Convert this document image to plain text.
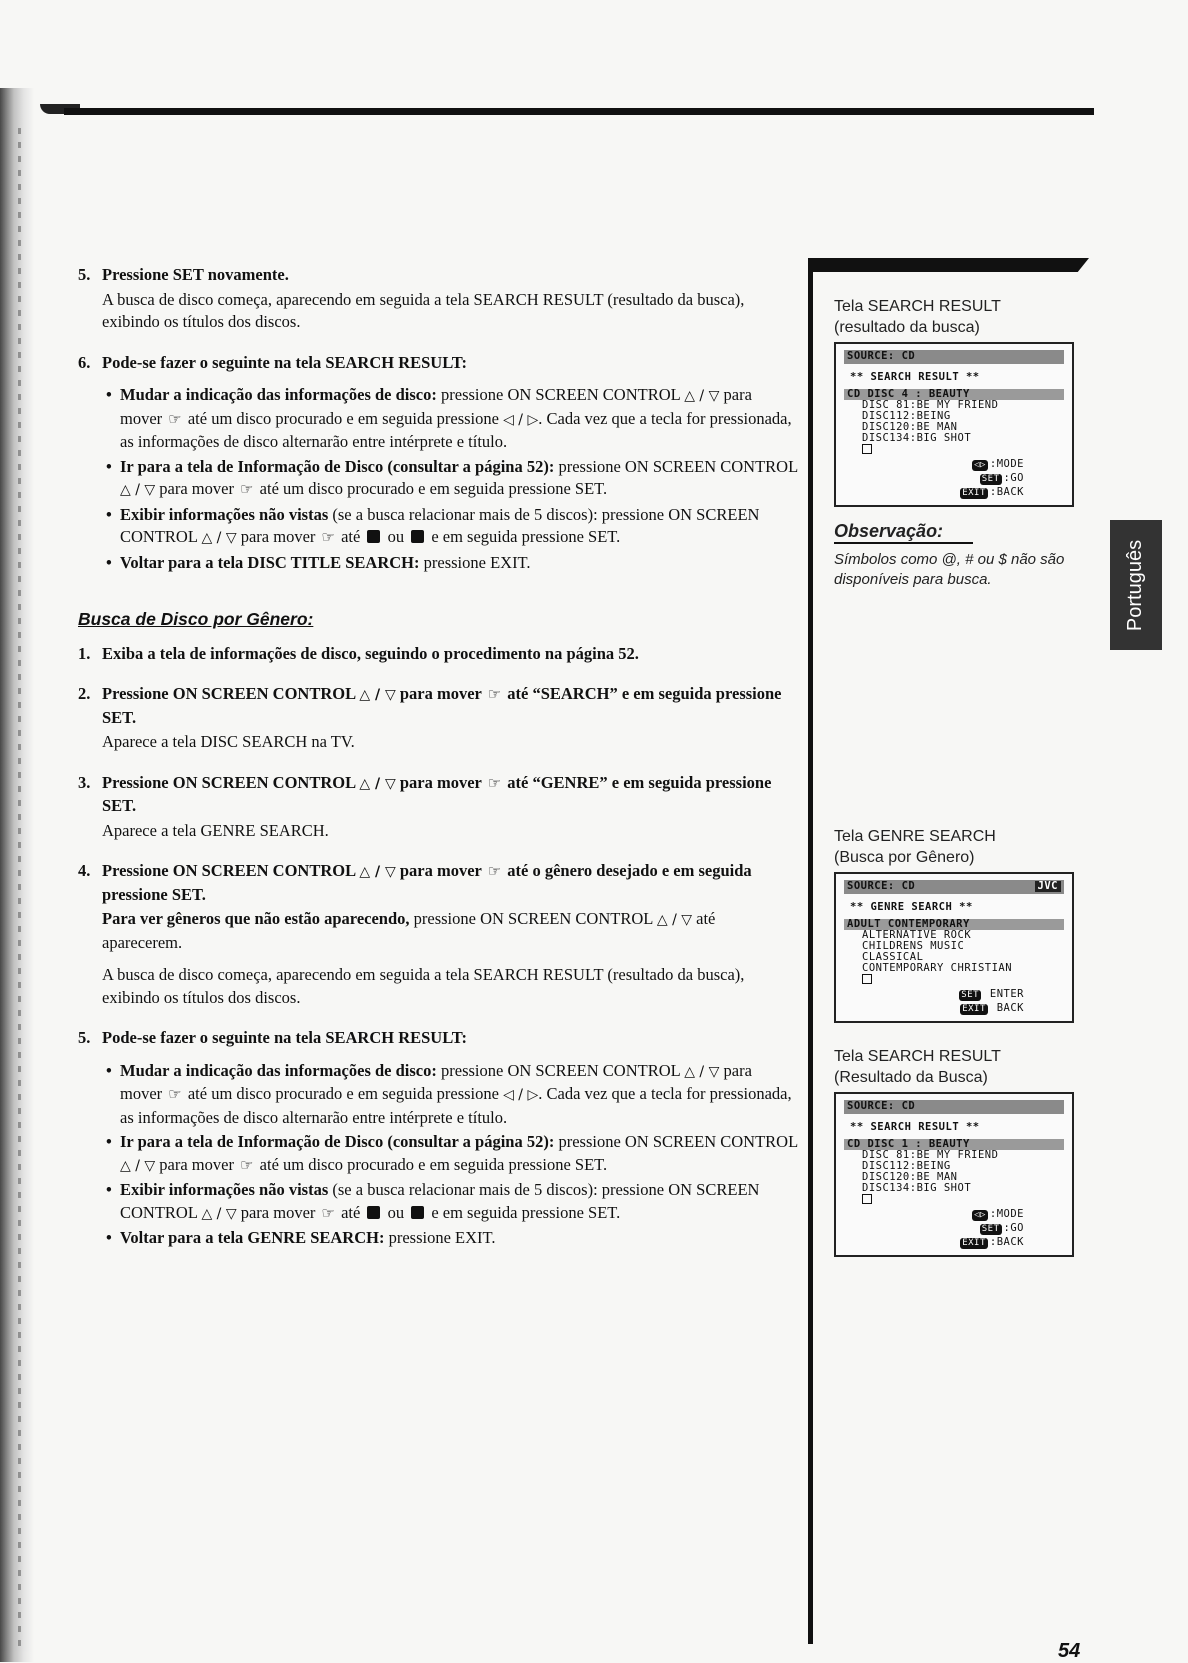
5. Pressione SET novamente.

A busca de disco começa, aparecendo em seguida a tela SEARCH RESULT (resultado da busca), exibindo os títulos dos discos.

6. Pode-se fazer o seguinte na tela SEARCH RESULT:
• Mudar a indicação das informações de disco: pressione ON SCREEN CONTROL △ / ▽ para mover ☞ até um disco procurado e em seguida pressione ◁ / ▷. Cada vez que a tecla for pressionada, as informações de disco alternarão entre intérprete e título.
• Ir para a tela de Informação de Disco (consultar a página 52): pressione ON SCREEN CONTROL △ / ▽ para mover ☞ até um disco procurado e em seguida pressione SET.
• Exibir informações não vistas (se a busca relacionar mais de 5 discos): pressione ON SCREEN CONTROL △ / ▽ para mover ☞ até  ou  e em seguida pressione SET.
• Voltar para a tela DISC TITLE SEARCH: pressione EXIT.
Busca de Disco por Gênero:
1. Exiba a tela de informações de disco, seguindo o procedimento na página 52.
2. Pressione ON SCREEN CONTROL △ / ▽ para mover ☞ até “SEARCH” e em seguida pressione SET.

Aparece a tela DISC SEARCH na TV.

3. Pressione ON SCREEN CONTROL △ / ▽ para mover ☞ até “GENRE” e em seguida pressione SET.

Aparece a tela GENRE SEARCH.

4. Pressione ON SCREEN CONTROL △ / ▽ para mover ☞ até o gênero desejado e em seguida pressione SET.

Para ver gêneros que não estão aparecendo, pressione ON SCREEN CONTROL △ / ▽ até aparecerem.

A busca de disco começa, aparecendo em seguida a tela SEARCH RESULT (resultado da busca), exibindo os títulos dos discos.

5. Pode-se fazer o seguinte na tela SEARCH RESULT:
• Mudar a indicação das informações de disco: pressione ON SCREEN CONTROL △ / ▽ para mover ☞ até um disco procurado e em seguida pressione ◁ / ▷. Cada vez que a tecla for pressionada, as informações de disco alternarão entre intérprete e título.
• Ir para a tela de Informação de Disco (consultar a página 52): pressione ON SCREEN CONTROL △ / ▽ para mover ☞ até um disco procurado e em seguida pressione SET.
• Exibir informações não vistas (se a busca relacionar mais de 5 discos): pressione ON SCREEN CONTROL △ / ▽ para mover ☞ até  ou  e em seguida pressione SET.
• Voltar para a tela GENRE SEARCH: pressione EXIT.
Tela SEARCH RESULT
(resultado da busca)
SOURCE: CD
** SEARCH RESULT **
CD DISC 4 : BEAUTY
DISC 81:BE MY FRIEND
DISC112:BEING
DISC120:BE MAN
DISC134:BIG SHOT
◁▷ :MODE
SET :GO
EXIT :BACK
Observação:
Símbolos como @, # ou $ não são disponíveis para busca.
Tela GENRE SEARCH
(Busca por Gênero)
JVC
SOURCE: CD
** GENRE SEARCH **
ADULT CONTEMPORARY
ALTERNATIVE ROCK
CHILDRENS MUSIC
CLASSICAL
CONTEMPORARY CHRISTIAN
SET ENTER
EXIT BACK
Tela SEARCH RESULT
(Resultado da Busca)
SOURCE: CD
** SEARCH RESULT **
CD DISC 1 : BEAUTY
DISC 81:BE MY FRIEND
DISC112:BEING
DISC120:BE MAN
DISC134:BIG SHOT
◁▷ :MODE
SET :GO
EXIT :BACK
Português
54
